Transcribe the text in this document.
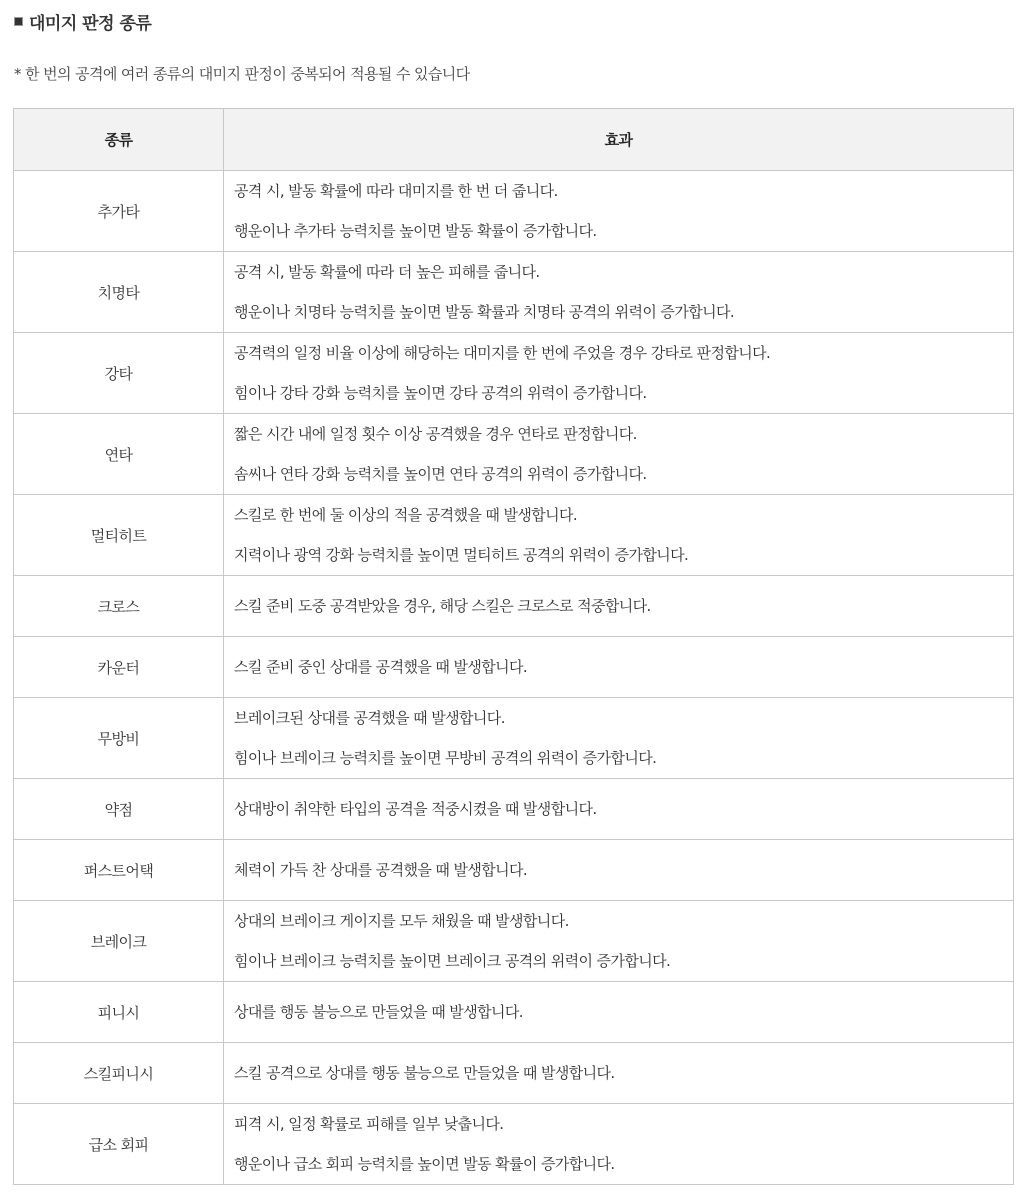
대미지 판정 종류
* 한 번의 공격에 여러 종류의 대미지 판정이 중복되어 적용될 수 있습니다
종류	효과
추가타	공격 시, 발동 확률에 따라 대미지를 한 번 더 줍니다.
행운이나 추가타 능력치를 높이면 발동 확률이 증가합니다.

치명타	공격 시, 발동 확률에 따라 더 높은 피해를 줍니다.
행운이나 치명타 능력치를 높이면 발동 확률과 치명타 공격의 위력이 증가합니다.

강타	공격력의 일정 비율 이상에 해당하는 대미지를 한 번에 주었을 경우 강타로 판정합니다.
힘이나 강타 강화 능력치를 높이면 강타 공격의 위력이 증가합니다.

연타	짧은 시간 내에 일정 횟수 이상 공격했을 경우 연타로 판정합니다.
솜씨나 연타 강화 능력치를 높이면 연타 공격의 위력이 증가합니다.

멀티히트	스킬로 한 번에 둘 이상의 적을 공격했을 때 발생합니다.
지력이나 광역 강화 능력치를 높이면 멀티히트 공격의 위력이 증가합니다.

크로스	스킬 준비 도중 공격받았을 경우, 해당 스킬은 크로스로 적중합니다.

카운터	스킬 준비 중인 상대를 공격했을 때 발생합니다.

무방비	브레이크된 상대를 공격했을 때 발생합니다.
힘이나 브레이크 능력치를 높이면 무방비 공격의 위력이 증가합니다.

약점	상대방이 취약한 타입의 공격을 적중시켰을 때 발생합니다.

퍼스트어택	체력이 가득 찬 상대를 공격했을 때 발생합니다.

브레이크	상대의 브레이크 게이지를 모두 채웠을 때 발생합니다.
힘이나 브레이크 능력치를 높이면 브레이크 공격의 위력이 증가합니다.

피니시	상대를 행동 불능으로 만들었을 때 발생합니다.

스킬피니시	스킬 공격으로 상대를 행동 불능으로 만들었을 때 발생합니다.

급소 회피	피격 시, 일정 확률로 피해를 일부 낮춥니다.
행운이나 급소 회피 능력치를 높이면 발동 확률이 증가합니다.
